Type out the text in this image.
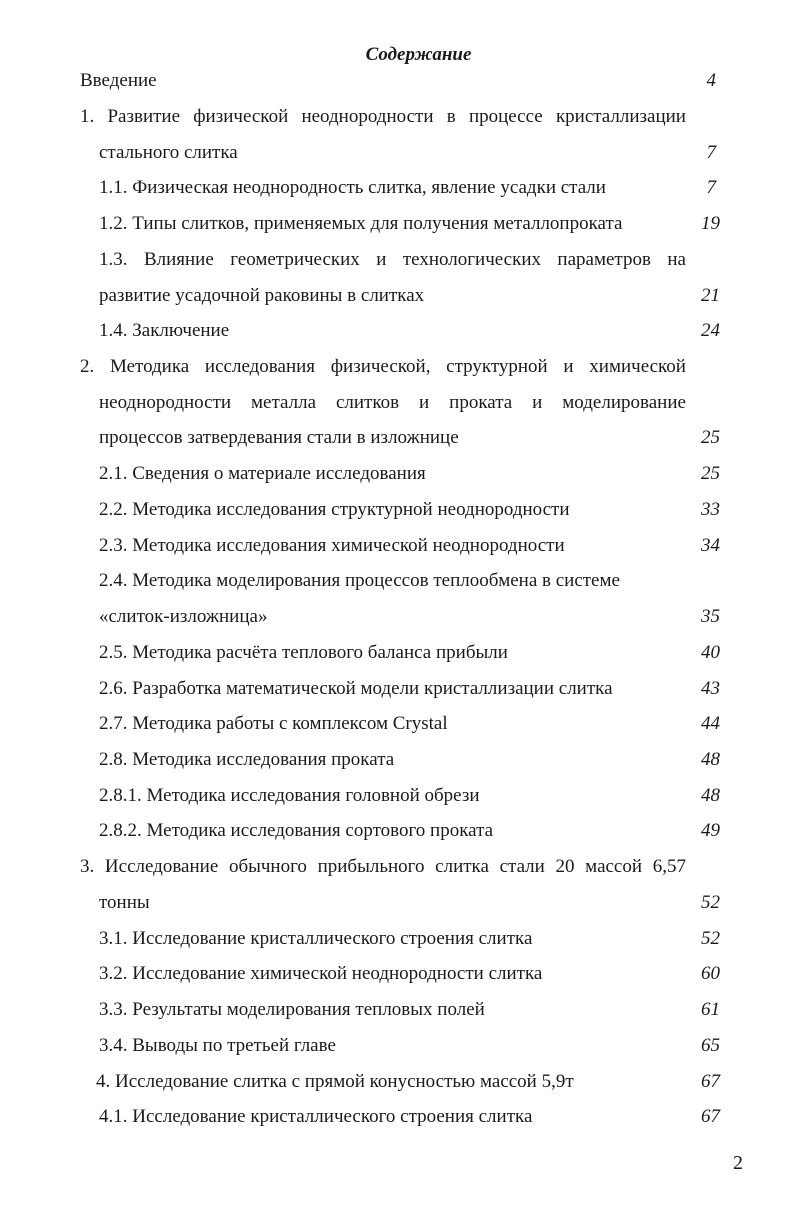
Содержание
Введение	4
1. Развитие физической неоднородности в процессе кристаллизации
стального слитка	7
1.1. Физическая неоднородность слитка, явление усадки стали	7
1.2. Типы слитков, применяемых для получения металлопроката	19
1.3. Влияние геометрических и технологических параметров на
развитие усадочной раковины в слитках	21
1.4. Заключение	24
2. Методика исследования физической, структурной и химической
неоднородности металла слитков и проката и моделирование
процессов затвердевания стали в изложнице	25
2.1. Сведения о материале исследования	25
2.2. Методика исследования структурной неоднородности	33
2.3. Методика исследования химической неоднородности	34
2.4. Методика моделирования процессов теплообмена в системе
«слиток-изложница»	35
2.5. Методика расчёта теплового баланса прибыли	40
2.6. Разработка математической модели кристаллизации слитка	43
2.7. Методика работы с комплексом Crystal	44
2.8. Методика исследования проката	48
2.8.1. Методика исследования головной обрези	48
2.8.2. Методика исследования сортового проката	49
3. Исследование обычного прибыльного слитка стали 20 массой 6,57
тонны	52
3.1. Исследование кристаллического строения слитка	52
3.2. Исследование химической неоднородности слитка	60
3.3. Результаты моделирования тепловых полей	61
3.4. Выводы по третьей главе	65
4. Исследование слитка с прямой конусностью массой 5,9т	67
4.1. Исследование кристаллического строения слитка	67
2
